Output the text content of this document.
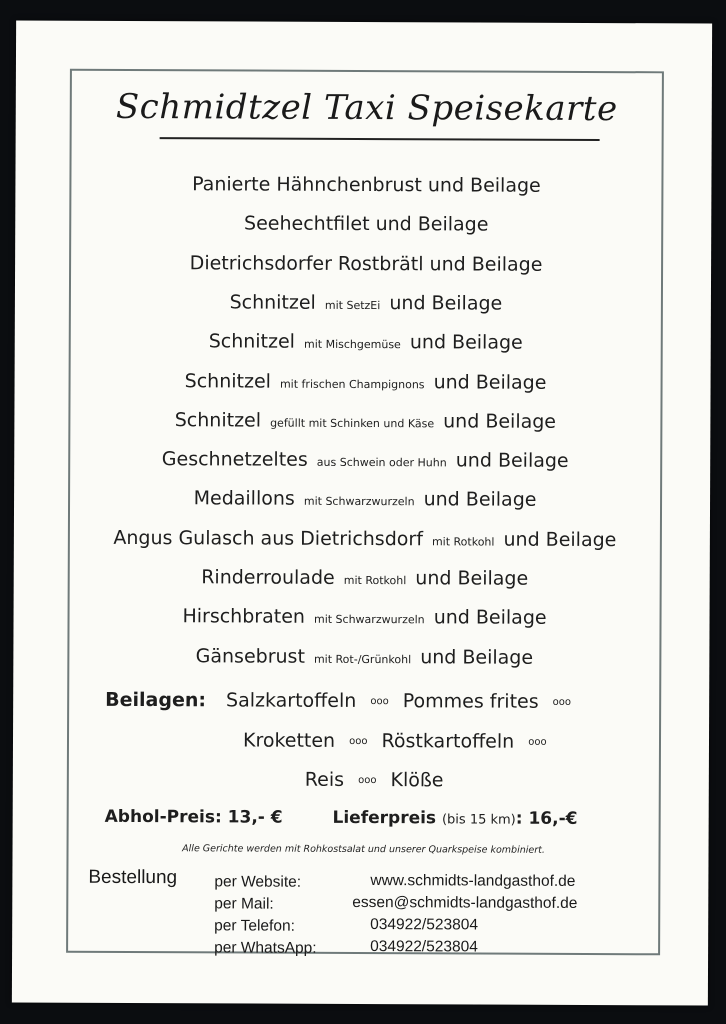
Schmidtzel Taxi Speisekarte
Panierte Hähnchenbrust und Beilage
Seehechtfilet und Beilage
Dietrichsdorfer Rostbrätl und Beilage
Schnitzel mit SetzEi und Beilage
Schnitzel mit Mischgemüse und Beilage
Schnitzel mit frischen Champignons und Beilage
Schnitzel gefüllt mit Schinken und Käse und Beilage
Geschnetzeltes aus Schwein oder Huhn und Beilage
Medaillons mit Schwarzwurzeln und Beilage
Angus Gulasch aus Dietrichsdorf mit Rotkohl und Beilage
Rinderroulade mit Rotkohl und Beilage
Hirschbraten mit Schwarzwurzeln und Beilage
Gänsebrust mit Rot-/Grünkohl und Beilage
Beilagen: Salzkartoffeln ooo Pommes frites ooo
Kroketten ooo Röstkartoffeln ooo
Reis ooo Klöße
Abhol-Preis: 13,- €	Lieferpreis (bis 15 km): 16,-€
Alle Gerichte werden mit Rohkostsalat und unserer Quarkspeise kombiniert.
Bestellung per Website:	www.schmidts-landgasthof.de
per Mail:	essen@schmidts-landgasthof.de
per Telefon:	034922/523804
per WhatsApp:	034922/523804
